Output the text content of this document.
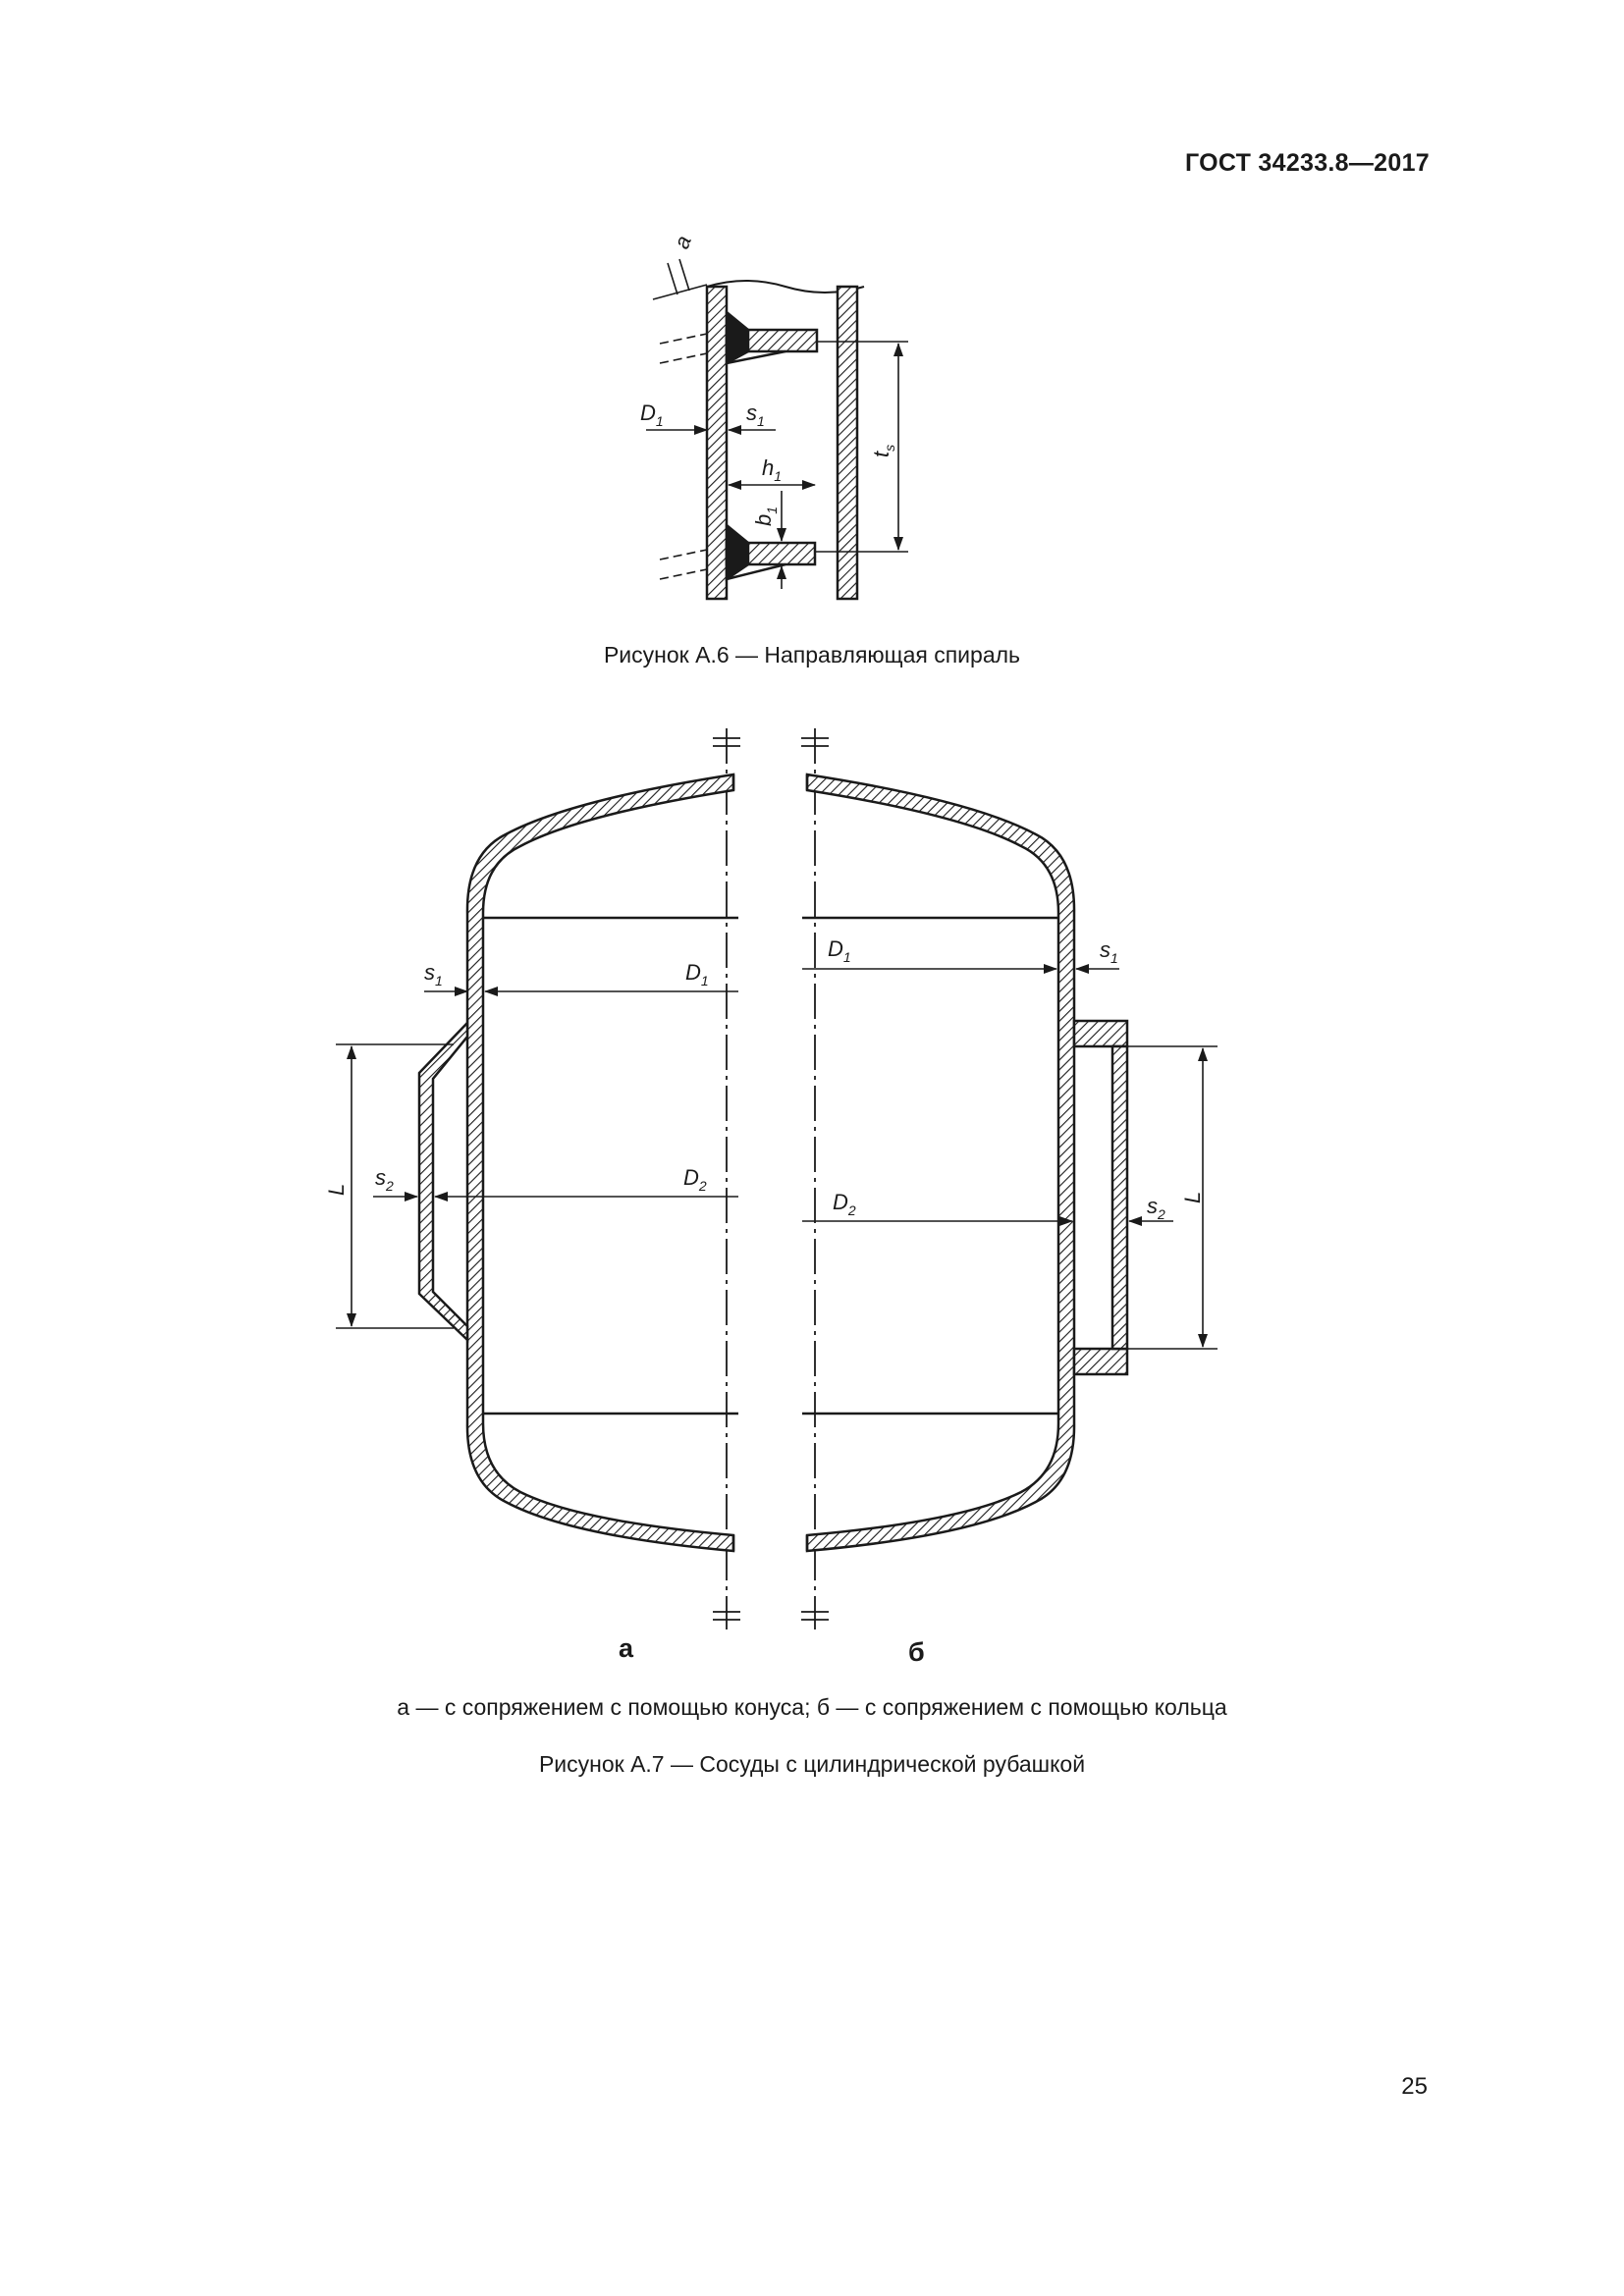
ГОСТ 34233.8—2017
a
$D_1$	$s_1$
$h_1$
$b_1$
$t_s$
$s_1$	$D_1$
$D_2$
$s_2$
L
$D_1$	$s_1$
$D_2$	$s_2$
L
Рисунок А.6 — Направляющая спираль
а	б
а — с сопряжением с помощью конуса; б — с сопряжением с помощью кольца
Рисунок А.7 — Сосуды с цилиндрической рубашкой
25
